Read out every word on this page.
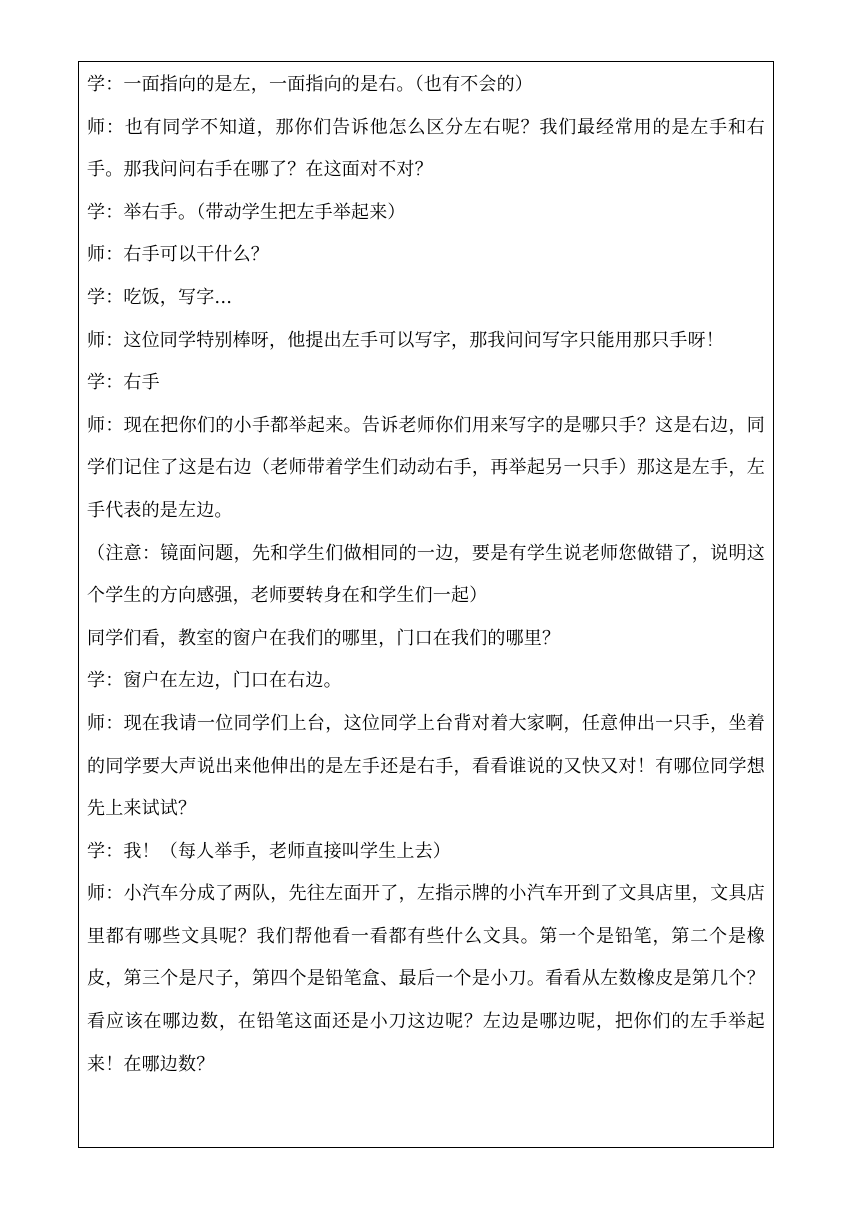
学：一面指向的是左，一面指向的是右。（也有不会的）

师：也有同学不知道，那你们告诉他怎么区分左右呢？我们最经常用的是左手和右手。那我问问右手在哪了？在这面对不对？

学：举右手。（带动学生把左手举起来）

师：右手可以干什么？

学：吃饭，写字...

师：这位同学特别棒呀，他提出左手可以写字，那我问问写字只能用那只手呀！

学：右手

师：现在把你们的小手都举起来。告诉老师你们用来写字的是哪只手？这是右边，同学们记住了这是右边（老师带着学生们动动右手，再举起另一只手）那这是左手，左手代表的是左边。

（注意：镜面问题，先和学生们做相同的一边，要是有学生说老师您做错了，说明这个学生的方向感强，老师要转身在和学生们一起）

同学们看，教室的窗户在我们的哪里，门口在我们的哪里？

学：窗户在左边，门口在右边。

师：现在我请一位同学们上台，这位同学上台背对着大家啊，任意伸出一只手，坐着的同学要大声说出来他伸出的是左手还是右手，看看谁说的又快又对！有哪位同学想先上来试试？

学：我！（每人举手，老师直接叫学生上去）

师：小汽车分成了两队，先往左面开了，左指示牌的小汽车开到了文具店里，文具店里都有哪些文具呢？我们帮他看一看都有些什么文具。第一个是铅笔，第二个是橡皮，第三个是尺子，第四个是铅笔盒、最后一个是小刀。看看从左数橡皮是第几个？看应该在哪边数，在铅笔这面还是小刀这边呢？左边是哪边呢，把你们的左手举起来！在哪边数？
